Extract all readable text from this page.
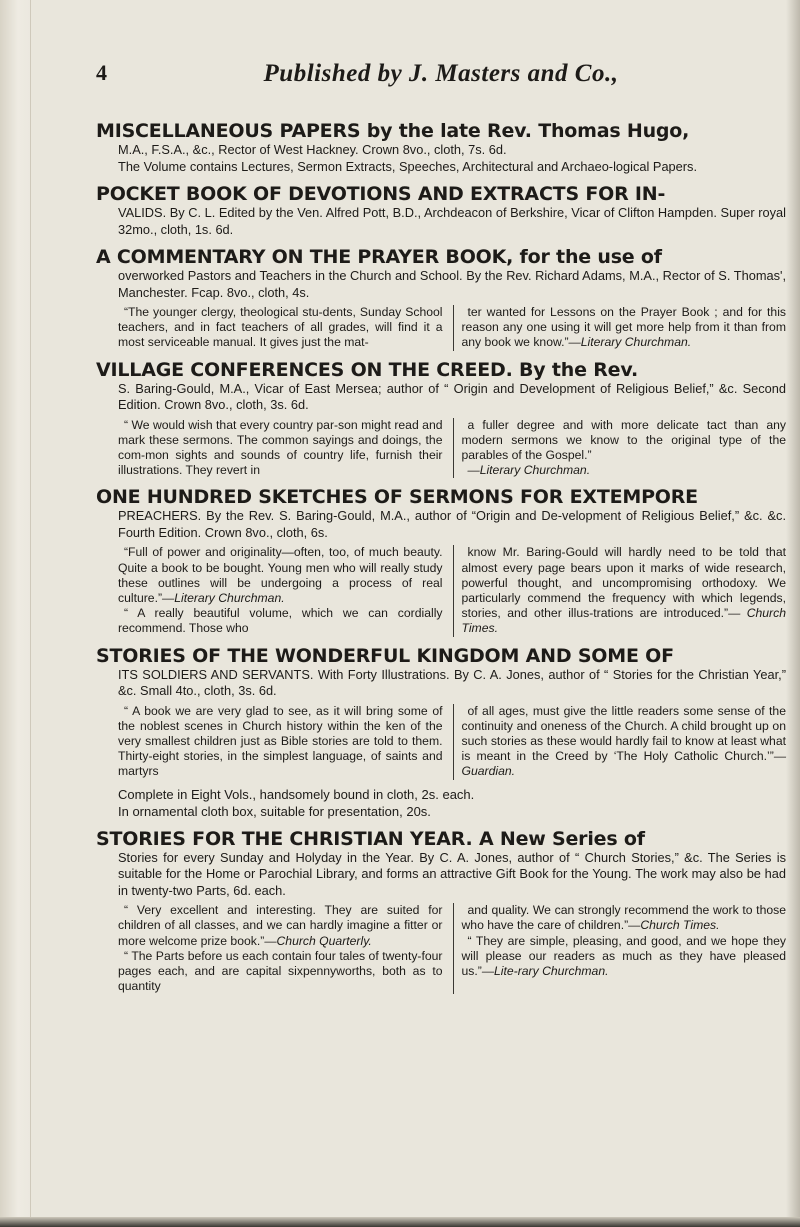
4	Published by J. Masters and Co.,
MISCELLANEOUS PAPERS by the late Rev. Thomas Hugo,
M.A., F.S.A., &c., Rector of West Hackney. Crown 8vo., cloth, 7s. 6d.
The Volume contains Lectures, Sermon Extracts, Speeches, Architectural and Archaeo-logical Papers.
POCKET BOOK OF DEVOTIONS AND EXTRACTS FOR IN-
VALIDS. By C. L. Edited by the Ven. Alfred Pott, B.D., Archdeacon of Berkshire, Vicar of Clifton Hampden. Super royal 32mo., cloth, 1s. 6d.
A COMMENTARY ON THE PRAYER BOOK, for the use of
overworked Pastors and Teachers in the Church and School. By the Rev. Richard Adams, M.A., Rector of S. Thomas', Manchester. Fcap. 8vo., cloth, 4s.

“The younger clergy, theological stu-dents, Sunday School teachers, and in fact teachers of all grades, will find it a most serviceable manual. It gives just the mat-

ter wanted for Lessons on the Prayer Book ; and for this reason any one using it will get more help from it than from any book we know.”—Literary Churchman.

VILLAGE CONFERENCES ON THE CREED. By the Rev.
S. Baring-Gould, M.A., Vicar of East Mersea; author of “ Origin and Development of Religious Belief,” &c. Second Edition. Crown 8vo., cloth, 3s. 6d.

“ We would wish that every country par-son might read and mark these sermons. The common sayings and doings, the com-mon sights and sounds of country life, furnish their illustrations. They revert in

a fuller degree and with more delicate tact than any modern sermons we know to the original type of the parables of the Gospel.”

—Literary Churchman.

ONE HUNDRED SKETCHES OF SERMONS FOR EXTEMPORE
PREACHERS. By the Rev. S. Baring-Gould, M.A., author of “Origin and De-velopment of Religious Belief,” &c. &c. Fourth Edition. Crown 8vo., cloth, 6s.

“Full of power and originality—often, too, of much beauty. Quite a book to be bought. Young men who will really study these outlines will be undergoing a process of real culture.”—Literary Churchman.

“ A really beautiful volume, which we can cordially recommend. Those who

know Mr. Baring-Gould will hardly need to be told that almost every page bears upon it marks of wide research, powerful thought, and uncompromising orthodoxy. We particularly commend the frequency with which legends, stories, and other illus-trations are introduced.”— Church Times.

STORIES OF THE WONDERFUL KINGDOM AND SOME OF
ITS SOLDIERS AND SERVANTS. With Forty Illustrations. By C. A. Jones, author of “ Stories for the Christian Year,” &c. Small 4to., cloth, 3s. 6d.

“ A book we are very glad to see, as it will bring some of the noblest scenes in Church history within the ken of the very smallest children just as Bible stories are told to them. Thirty-eight stories, in the simplest language, of saints and martyrs

of all ages, must give the little readers some sense of the continuity and oneness of the Church. A child brought up on such stories as these would hardly fail to know at least what is meant in the Creed by ‘The Holy Catholic Church.’”—Guardian.

Complete in Eight Vols., handsomely bound in cloth, 2s. each.
In ornamental cloth box, suitable for presentation, 20s.
STORIES FOR THE CHRISTIAN YEAR. A New Series of
Stories for every Sunday and Holyday in the Year. By C. A. Jones, author of “ Church Stories,” &c. The Series is suitable for the Home or Parochial Library, and forms an attractive Gift Book for the Young. The work may also be had in twenty-two Parts, 6d. each.

“ Very excellent and interesting. They are suited for children of all classes, and we can hardly imagine a fitter or more welcome prize book.”—Church Quarterly.

“ The Parts before us each contain four tales of twenty-four pages each, and are capital sixpennyworths, both as to quantity

and quality. We can strongly recommend the work to those who have the care of children.”—Church Times.

“ They are simple, pleasing, and good, and we hope they will please our readers as much as they have pleased us.”—Lite-rary Churchman.
